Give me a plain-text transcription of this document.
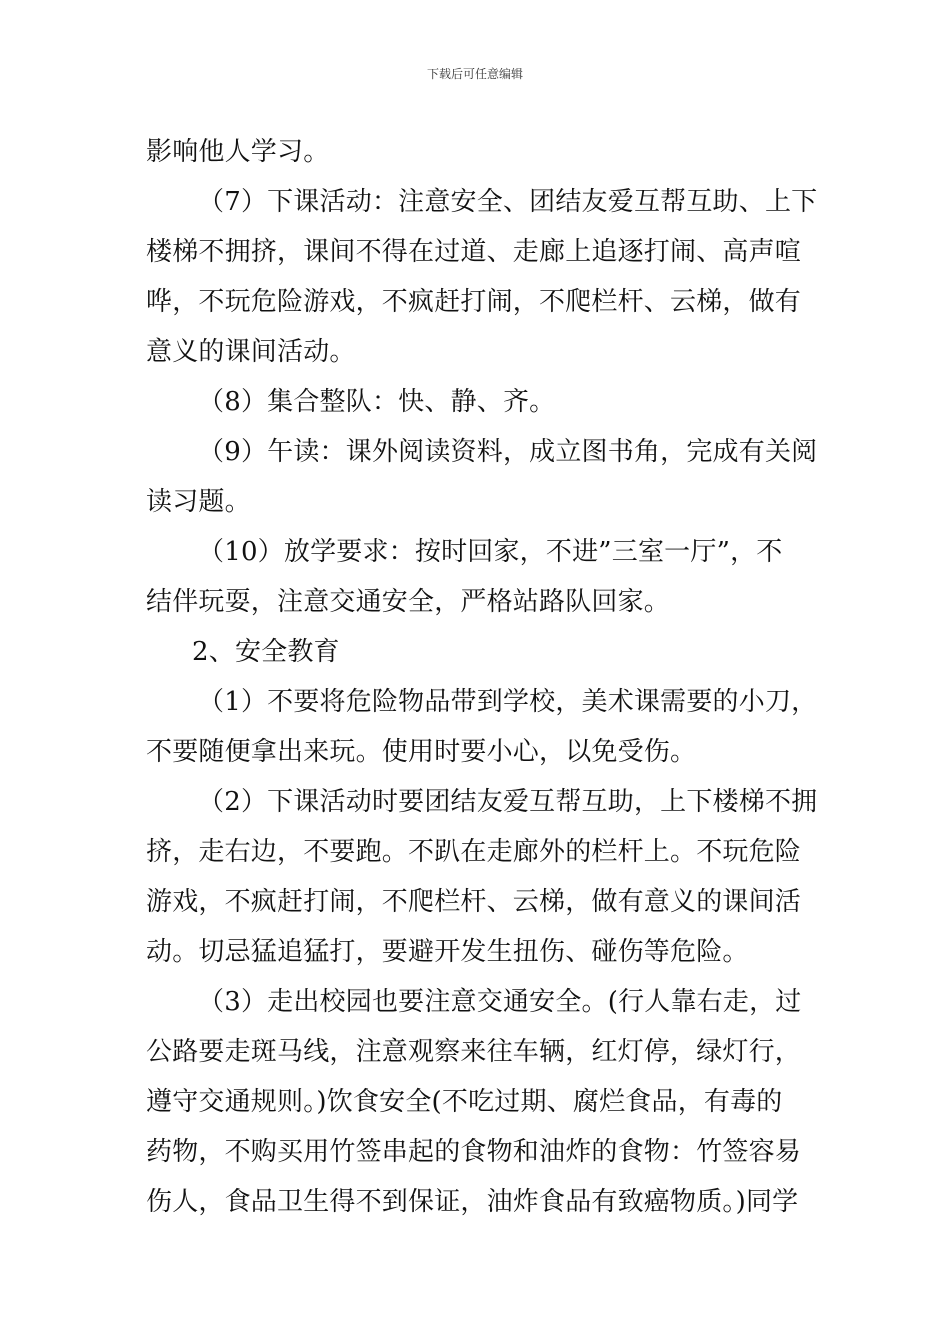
下载后可任意编辑
影响他人学习。
（7）下课活动：注意安全、团结友爱互帮互助、上下
楼梯不拥挤，课间不得在过道、走廊上追逐打闹、高声喧
哗，不玩危险游戏，不疯赶打闹，不爬栏杆、云梯，做有
意义的课间活动。
（8）集合整队：快、静、齐。
（9）午读：课外阅读资料，成立图书角，完成有关阅
读习题。
（10）放学要求：按时回家，不进”三室一厅”，不
结伴玩耍，注意交通安全，严格站路队回家。
2、安全教育
（1）不要将危险物品带到学校，美术课需要的小刀，
不要随便拿出来玩。使用时要小心，以免受伤。
（2）下课活动时要团结友爱互帮互助，上下楼梯不拥
挤，走右边，不要跑。不趴在走廊外的栏杆上。不玩危险
游戏，不疯赶打闹，不爬栏杆、云梯，做有意义的课间活
动。切忌猛追猛打，要避开发生扭伤、碰伤等危险。
（3）走出校园也要注意交通安全。(行人靠右走，过
公路要走斑马线，注意观察来往车辆，红灯停，绿灯行，
遵守交通规则。)饮食安全(不吃过期、腐烂食品，有毒的
药物，不购买用竹签串起的食物和油炸的食物：竹签容易
伤人，食品卫生得不到保证，油炸食品有致癌物质。)同学
